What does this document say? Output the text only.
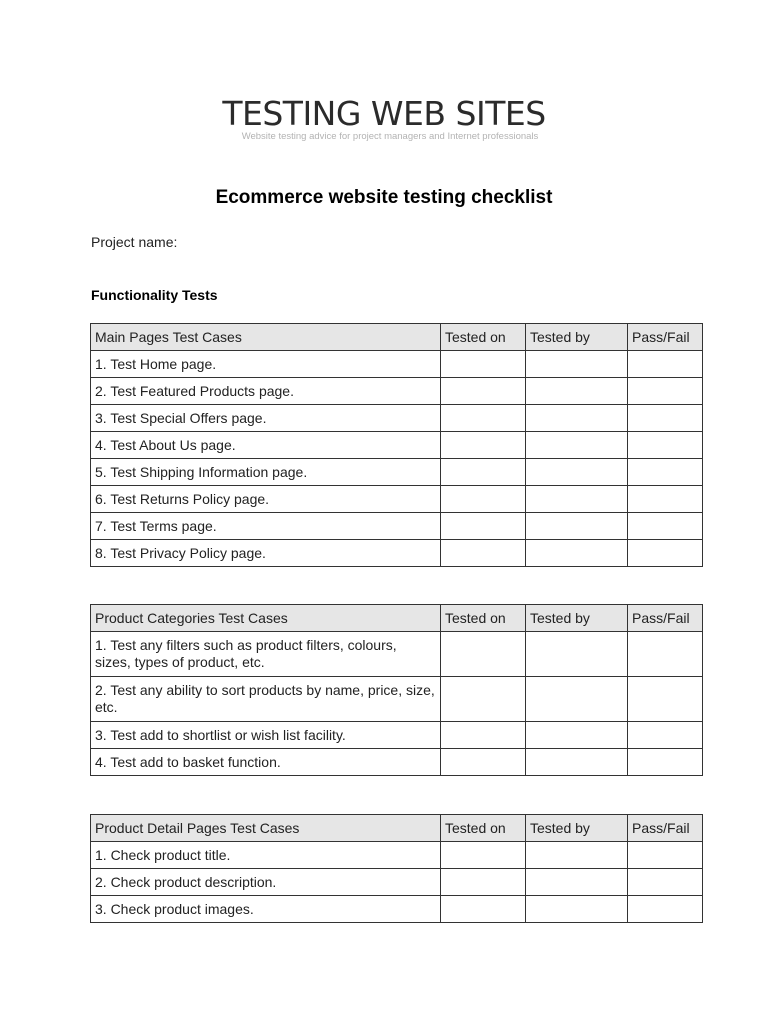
TESTING WEB SITES
Website testing advice for project managers and Internet professionals
Ecommerce website testing checklist
Project name:
Functionality Tests
Main Pages Test Cases	Tested on	Tested by	Pass/Fail
1. Test Home page.			
2. Test Featured Products page.			
3. Test Special Offers page.			
4. Test About Us page.			
5. Test Shipping Information page.			
6. Test Returns Policy page.			
7. Test Terms page.			
8. Test Privacy Policy page.			
Product Categories Test Cases	Tested on	Tested by	Pass/Fail
1. Test any filters such as product filters, colours, sizes, types of product, etc.			
2. Test any ability to sort products by name, price, size, etc.			
3. Test add to shortlist or wish list facility.			
4. Test add to basket function.			
Product Detail Pages Test Cases	Tested on	Tested by	Pass/Fail
1. Check product title.			
2. Check product description.			
3. Check product images.			
